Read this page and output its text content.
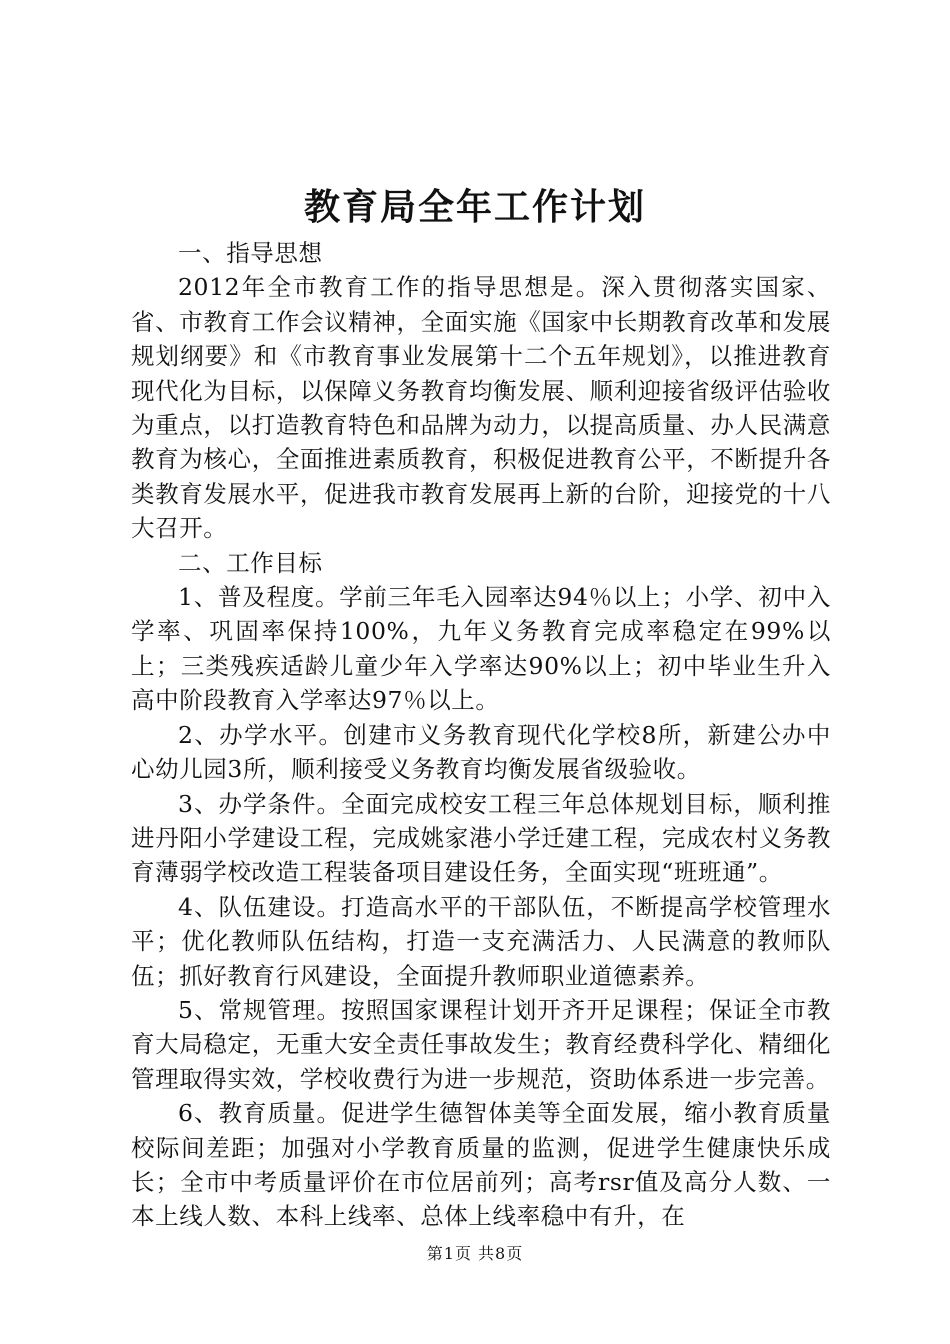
教育局全年工作计划

一、指导思想

2012年全市教育工作的指导思想是。深入贯彻落实国家、省、市教育工作会议精神，全面实施《国家中长期教育改革和发展规划纲要》和《市教育事业发展第十二个五年规划》，以推进教育现代化为目标，以保障义务教育均衡发展、顺利迎接省级评估验收为重点，以打造教育特色和品牌为动力，以提高质量、办人民满意教育为核心，全面推进素质教育，积极促进教育公平，不断提升各类教育发展水平，促进我市教育发展再上新的台阶，迎接党的十八大召开。

二、工作目标

1、普及程度。学前三年毛入园率达94％以上；小学、初中入学率、巩固率保持100%，九年义务教育完成率稳定在99%以上；三类残疾适龄儿童少年入学率达90%以上；初中毕业生升入高中阶段教育入学率达97％以上。

2、办学水平。创建市义务教育现代化学校8所，新建公办中心幼儿园3所，顺利接受义务教育均衡发展省级验收。

3、办学条件。全面完成校安工程三年总体规划目标，顺利推进丹阳小学建设工程，完成姚家港小学迁建工程，完成农村义务教育薄弱学校改造工程装备项目建设任务，全面实现“班班通”。

4、队伍建设。打造高水平的干部队伍，不断提高学校管理水平；优化教师队伍结构，打造一支充满活力、人民满意的教师队伍；抓好教育行风建设，全面提升教师职业道德素养。

5、常规管理。按照国家课程计划开齐开足课程；保证全市教育大局稳定，无重大安全责任事故发生；教育经费科学化、精细化管理取得实效，学校收费行为进一步规范，资助体系进一步完善。

6、教育质量。促进学生德智体美等全面发展，缩小教育质量校际间差距；加强对小学教育质量的监测，促进学生健康快乐成长；全市中考质量评价在市位居前列；高考rsr值及高分人数、一本上线人数、本科上线率、总体上线率稳中有升，在

第1页 共8页
